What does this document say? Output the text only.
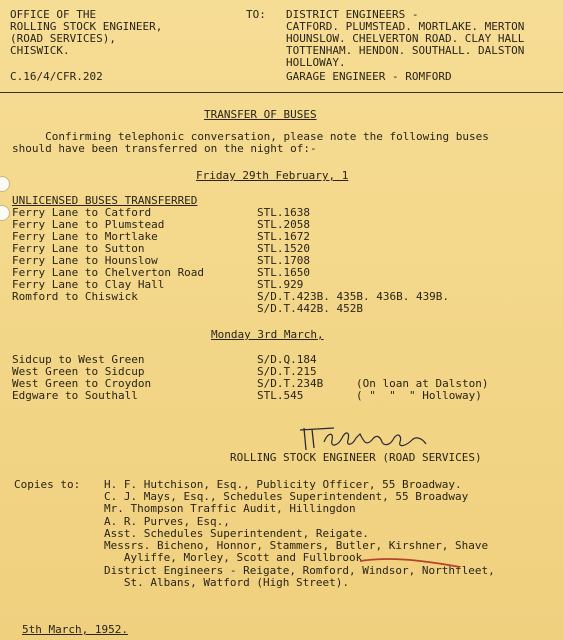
OFFICE OF THE
ROLLING STOCK ENGINEER,
(ROAD SERVICES),
CHISWICK.
C.16/4/CFR.202
TO: DISTRICT ENGINEERS -
CATFORD. PLUMSTEAD. MORTLAKE. MERTON
HOUNSLOW. CHELVERTON ROAD. CLAY HALL
TOTTENHAM. HENDON. SOUTHALL. DALSTON
HOLLOWAY.
GARAGE ENGINEER - ROMFORD
TRANSFER OF BUSES
Confirming telephonic conversation, please note the following buses
should have been transferred on the night of:-
Friday 29th February, 1
UNLICENSED BUSES TRANSFERRED
Ferry Lane to Catford	STL.1638
Ferry Lane to Plumstead	STL.2058
Ferry Lane to Mortlake	STL.1672
Ferry Lane to Sutton	STL.1520
Ferry Lane to Hounslow	STL.1708
Ferry Lane to Chelverton Road	STL.1650
Ferry Lane to Clay Hall	STL.929
Romford to Chiswick	S/D.T.423B. 435B. 436B. 439B.
S/D.T.442B. 452B
Monday 3rd March,
Sidcup to West Green	S/D.Q.184
West Green to Sidcup	S/D.T.215
West Green to Croydon	S/D.T.234B	(On loan at Dalston)
Edgware to Southall	STL.545	( "  "  " Holloway)
ROLLING STOCK ENGINEER (ROAD SERVICES)
Copies to: H. F. Hutchison, Esq., Publicity Officer, 55 Broadway.
C. J. Mays, Esq., Schedules Superintendent, 55 Broadway
Mr. Thompson Traffic Audit, Hillingdon
A. R. Purves, Esq.,
Asst. Schedules Superintendent, Reigate.
Messrs. Bicheno, Honnor, Stammers, Butler, Kirshner, Shave
Ayliffe, Morley, Scott and Fullbrook.
District Engineers - Reigate, Romford, Windsor, Northfleet,
St. Albans, Watford (High Street).
5th March, 1952.
